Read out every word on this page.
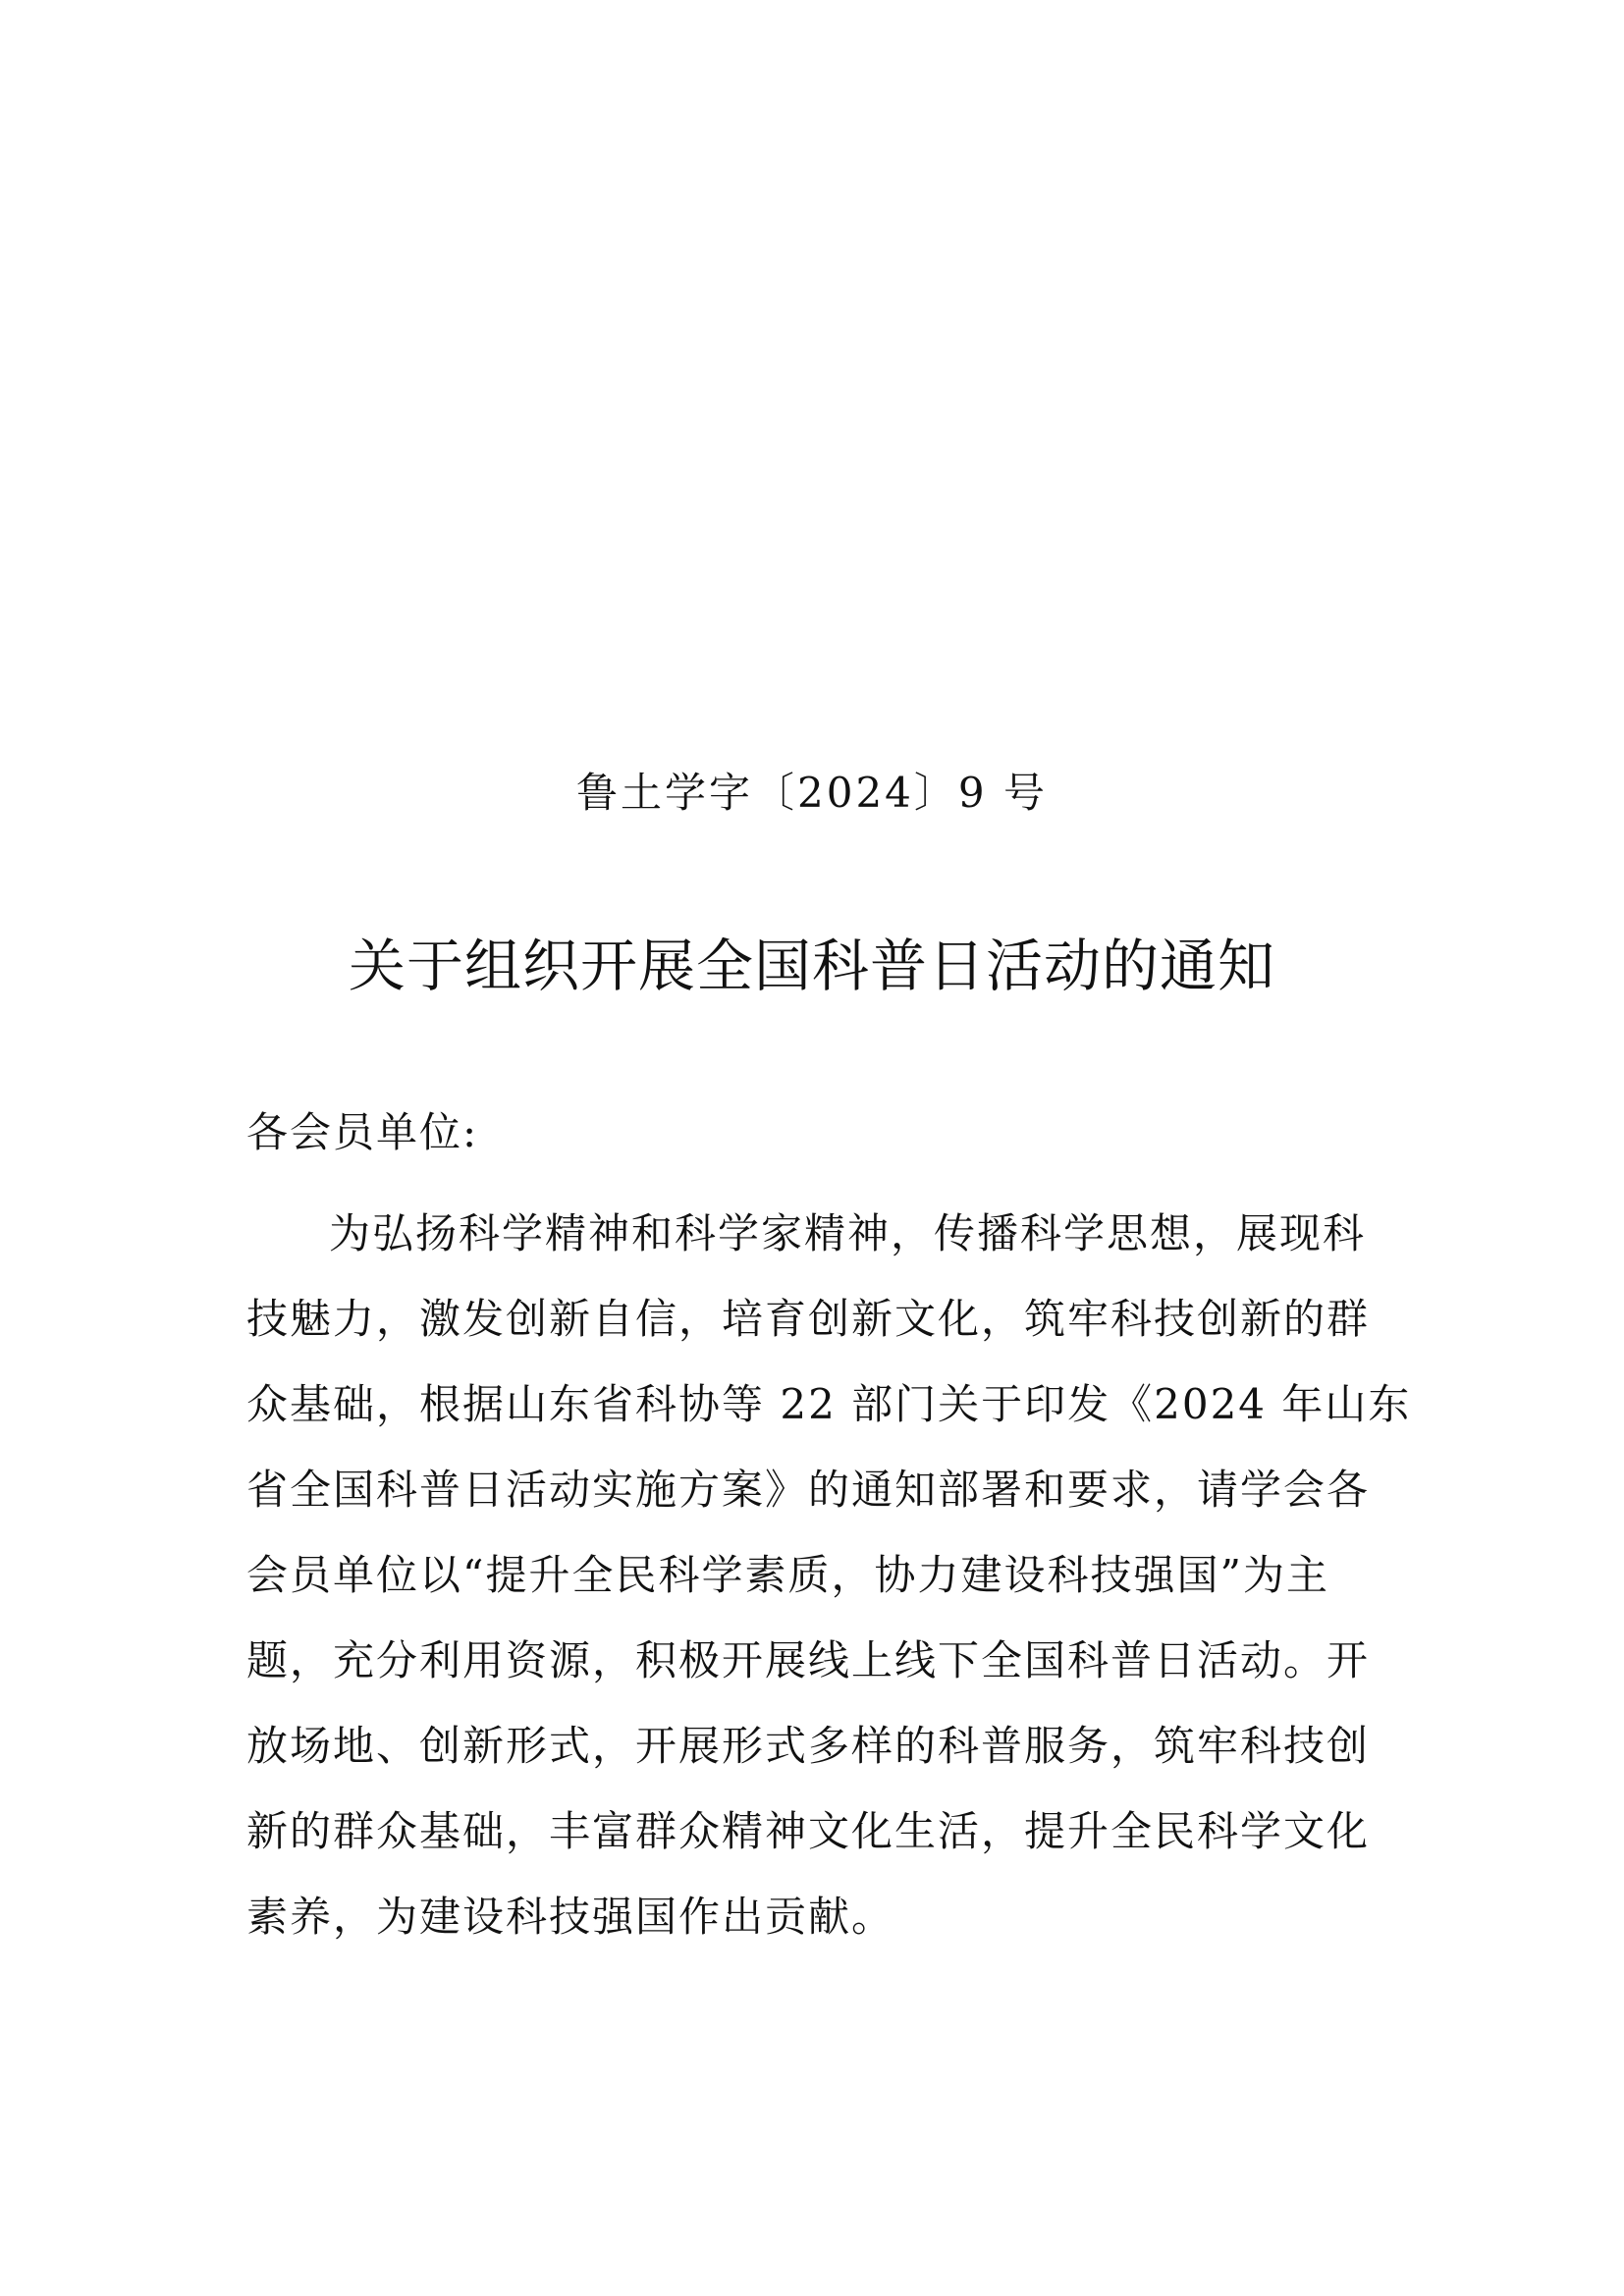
鲁土学字〔2024〕9 号
关于组织开展全国科普日活动的通知
各会员单位:
为弘扬科学精神和科学家精神，传播科学思想，展现科
技魅力，激发创新自信，培育创新文化，筑牢科技创新的群
众基础，根据山东省科协等 22 部门关于印发《2024 年山东
省全国科普日活动实施方案》的通知部署和要求，请学会各
会员单位以“提升全民科学素质，协力建设科技强国”为主
题，充分利用资源，积极开展线上线下全国科普日活动。开
放场地、创新形式，开展形式多样的科普服务，筑牢科技创
新的群众基础，丰富群众精神文化生活，提升全民科学文化
素养，为建设科技强国作出贡献。
